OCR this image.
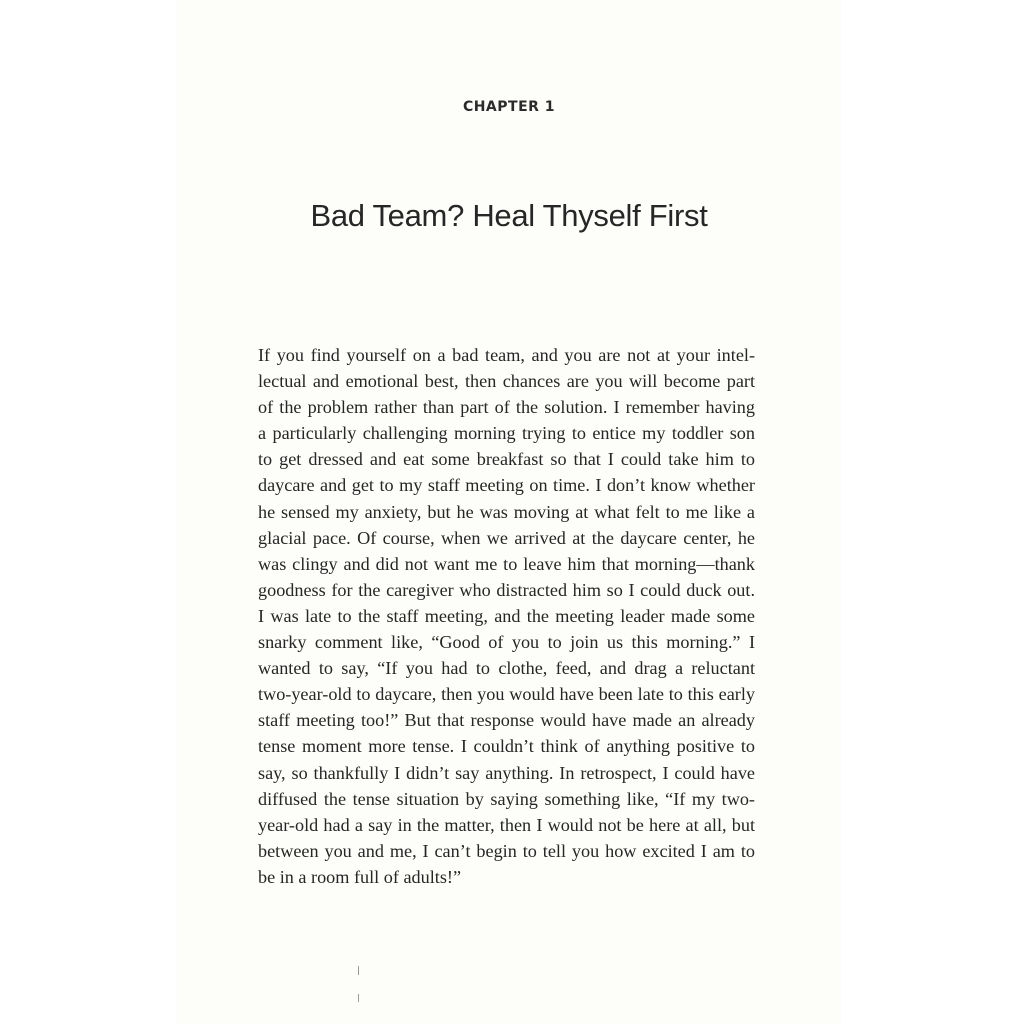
CHAPTER 1
Bad Team? Heal Thyself First

If you find yourself on a bad team, and you are not at your intel-
lectual and emotional best, then chances are you will become part
of the problem rather than part of the solution. I remember having
a particularly challenging morning trying to entice my toddler son
to get dressed and eat some breakfast so that I could take him to
daycare and get to my staff meeting on time. I don’t know whether
he sensed my anxiety, but he was moving at what felt to me like a
glacial pace. Of course, when we arrived at the daycare center, he
was clingy and did not want me to leave him that morning—thank
goodness for the caregiver who distracted him so I could duck out.
I was late to the staff meeting, and the meeting leader made some
snarky comment like, “Good of you to join us this morning.” I
wanted to say, “If you had to clothe, feed, and drag a reluctant
two-year-old to daycare, then you would have been late to this early
staff meeting too!” But that response would have made an already
tense moment more tense. I couldn’t think of anything positive to
say, so thankfully I didn’t say anything. In retrospect, I could have
diffused the tense situation by saying something like, “If my two-
year-old had a say in the matter, then I would not be here at all, but
between you and me, I can’t begin to tell you how excited I am to
be in a room full of adults!”
